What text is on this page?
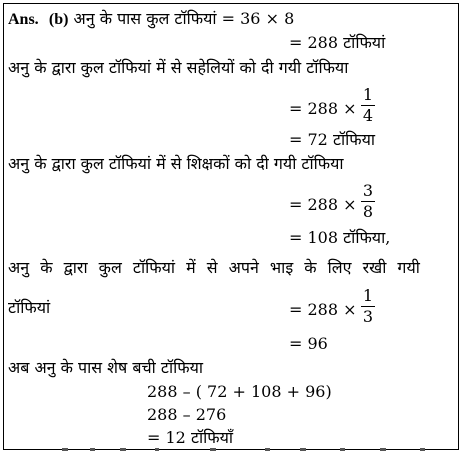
Ans. (b) अनु के पास कुल टॉफियां = 36 × 8
= 288 टॉफियां
अनु के द्वारा कुल टॉफियां में से सहेलियों को दी गयी टॉफिया
= 288 ×
1
4
= 72 टॉफिया
अनु के द्वारा कुल टॉफियां में से शिक्षकों को दी गयी टॉफिया
= 288 ×
3
8
= 108 टॉफिया,
अनु के द्वारा कुल टॉफियां में से अपने भाइ के लिए रखी गयी
टॉफियां	= 288 ×
1
3
= 96
अब अनु के पास शेष बची टॉफिया
288 – ( 72 + 108 + 96)
288 – 276
= 12 टॉफियाँ
